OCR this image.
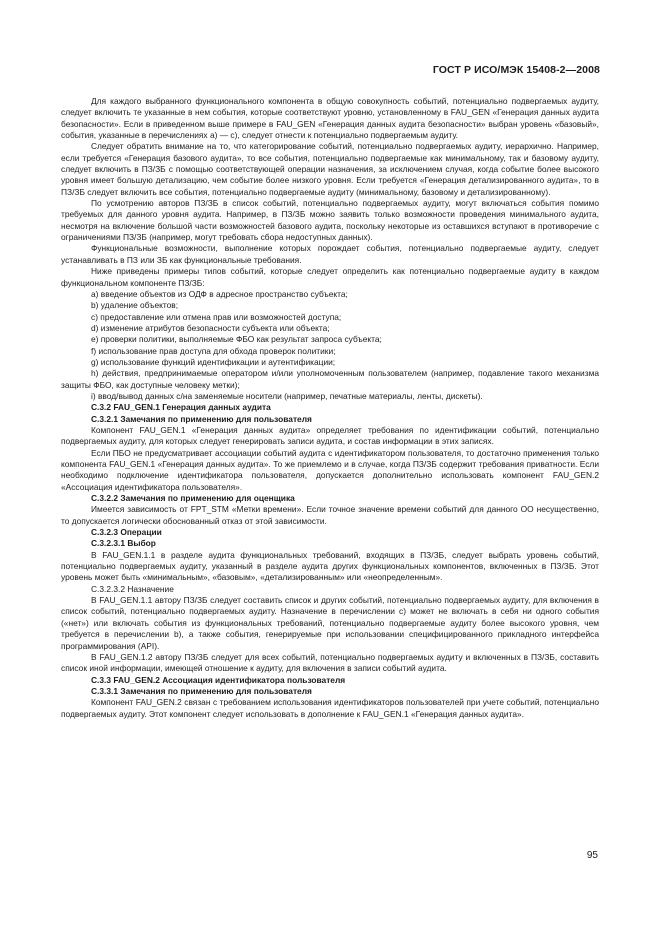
ГОСТ Р ИСО/МЭК 15408-2—2008

Для каждого выбранного функционального компонента в общую совокупность событий, потенциально подвергаемых аудиту, следует включить те указанные в нем события, которые соответствуют уровню, установленному в FAU_GEN «Генерация данных аудита безопасности». Если в приведенном выше примере в FAU_GEN «Генерация данных аудита безопасности» выбран уровень «базовый», события, указанные в перечислениях а) — с), следует отнести к потенциально подвергаемым аудиту.

Следует обратить внимание на то, что категорирование событий, потенциально подвергаемых аудиту, иерархично. Например, если требуется «Генерация базового аудита», то все события, потенциально подвергаемые как минимальному, так и базовому аудиту, следует включить в ПЗ/ЗБ с помощью соответствующей операции назначения, за исключением случая, когда событие более высокого уровня имеет большую детализацию, чем событие более низкого уровня. Если требуется «Генерация детализированного аудита», то в ПЗ/ЗБ следует включить все события, потенциально подвергаемые аудиту (минимальному, базовому и детализированному).

По усмотрению авторов ПЗ/ЗБ в список событий, потенциально подвергаемых аудиту, могут включаться события помимо требуемых для данного уровня аудита. Например, в ПЗ/ЗБ можно заявить только возможности проведения минимального аудита, несмотря на включение большой части возможностей базового аудита, поскольку некоторые из оставшихся вступают в противоречие с ограничениями ПЗ/ЗБ (например, могут требовать сбора недоступных данных).

Функциональные возможности, выполнение которых порождает события, потенциально подвергаемые аудиту, следует устанавливать в ПЗ или ЗБ как функциональные требования.

Ниже приведены примеры типов событий, которые следует определить как потенциально подвергаемые аудиту в каждом функциональном компоненте ПЗ/ЗБ:

а) введение объектов из ОДФ в адресное пространство субъекта;

b) удаление объектов;

с) предоставление или отмена прав или возможностей доступа;

d) изменение атрибутов безопасности субъекта или объекта;

е) проверки политики, выполняемые ФБО как результат запроса субъекта;

f) использование прав доступа для обхода проверок политики;

g) использование функций идентификации и аутентификации;

h) действия, предпринимаемые оператором и/или уполномоченным пользователем (например, подавление такого механизма защиты ФБО, как доступные человеку метки);

i) ввод/вывод данных с/на заменяемые носители (например, печатные материалы, ленты, дискеты).

С.3.2 FAU_GEN.1 Генерация данных аудита

С.3.2.1 Замечания по применению для пользователя

Компонент FAU_GEN.1 «Генерация данных аудита» определяет требования по идентификации событий, потенциально подвергаемых аудиту, для которых следует генерировать записи аудита, и состав информации в этих записях.

Если ПБО не предусматривает ассоциации событий аудита с идентификатором пользователя, то достаточно применения только компонента FAU_GEN.1 «Генерация данных аудита». То же приемлемо и в случае, когда ПЗ/ЗБ содержит требования приватности. Если необходимо подключение идентификатора пользователя, допускается дополнительно использовать компонент FAU_GEN.2 «Ассоциация идентификатора пользователя».

С.3.2.2 Замечания по применению для оценщика

Имеется зависимость от FPT_STM «Метки времени». Если точное значение времени событий для данного ОО несущественно, то допускается логически обоснованный отказ от этой зависимости.

С.3.2.3 Операции

С.3.2.3.1 Выбор

В FAU_GEN.1.1 в разделе аудита функциональных требований, входящих в ПЗ/ЗБ, следует выбрать уровень событий, потенциально подвергаемых аудиту, указанный в разделе аудита других функциональных компонентов, включенных в ПЗ/ЗБ. Этот уровень может быть «минимальным», «базовым», «детализированным» или «неопределенным».

С.3.2.3.2 Назначение

В FAU_GEN.1.1 автору ПЗ/ЗБ следует составить список и других событий, потенциально подвергаемых аудиту, для включения в список событий, потенциально подвергаемых аудиту. Назначение в перечислении с) может не включать в себя ни одного события («нет») или включать события из функциональных требований, потенциально подвергаемые аудиту более высокого уровня, чем требуется в перечислении b), а также события, генерируемые при использовании специфицированного прикладного интерфейса программирования (API).

В FAU_GEN.1.2 автору ПЗ/ЗБ следует для всех событий, потенциально подвергаемых аудиту и включенных в ПЗ/ЗБ, составить список иной информации, имеющей отношение к аудиту, для включения в записи событий аудита.

С.3.3 FAU_GEN.2 Ассоциация идентификатора пользователя

С.3.3.1 Замечания по применению для пользователя

Компонент FAU_GEN.2 связан с требованием использования идентификаторов пользователей при учете событий, потенциально подвергаемых аудиту. Этот компонент следует использовать в дополнение к FAU_GEN.1 «Генерация данных аудита».

95
